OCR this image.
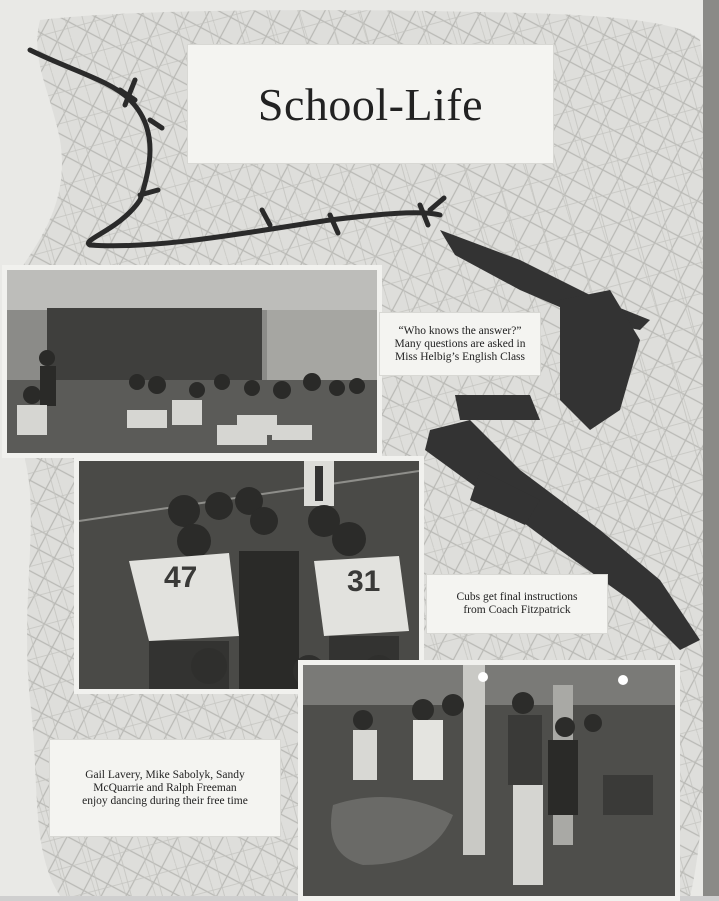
School-Life
“Who knows the answer?” Many questions are asked in Miss Helbig’s English Class
47	31	Cubs get final instructions from Coach Fitzpatrick
Gail Lavery, Mike Sabolyk, Sandy McQuarrie and Ralph Freeman enjoy dancing during their free time
